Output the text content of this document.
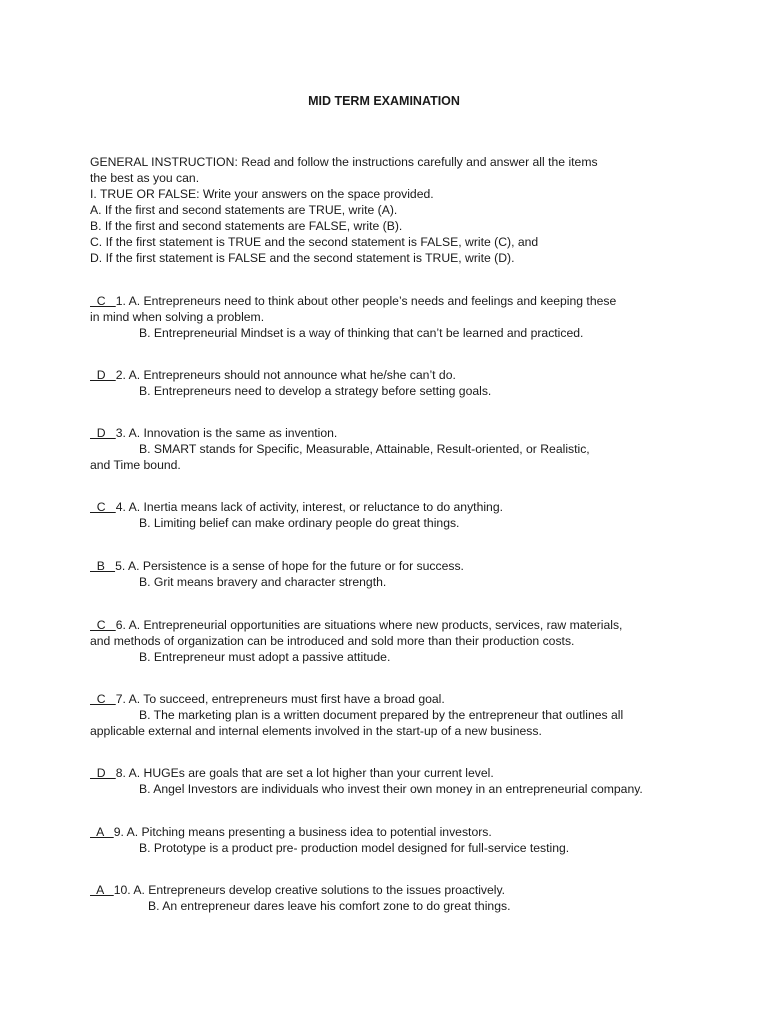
MID TERM EXAMINATION
GENERAL INSTRUCTION: Read and follow the instructions carefully and answer all the items
the best as you can.
I. TRUE OR FALSE: Write your answers on the space provided.
A. If the first and second statements are TRUE, write (A).
B. If the first and second statements are FALSE, write (B).
C. If the first statement is TRUE and the second statement is FALSE, write (C), and
D. If the first statement is FALSE and the second statement is TRUE, write (D).
C   1. A. Entrepreneurs need to think about other people’s needs and feelings and keeping these
in mind when solving a problem.
B. Entrepreneurial Mindset is a way of thinking that can’t be learned and practiced.
D   2. A. Entrepreneurs should not announce what he/she can’t do.
B. Entrepreneurs need to develop a strategy before setting goals.
D   3. A. Innovation is the same as invention.
B. SMART stands for Specific, Measurable, Attainable, Result-oriented, or Realistic,
and Time bound.
C   4. A. Inertia means lack of activity, interest, or reluctance to do anything.
B. Limiting belief can make ordinary people do great things.
B   5. A. Persistence is a sense of hope for the future or for success.
B. Grit means bravery and character strength.
C   6. A. Entrepreneurial opportunities are situations where new products, services, raw materials,
and methods of organization can be introduced and sold more than their production costs.
B. Entrepreneur must adopt a passive attitude.
C   7. A. To succeed, entrepreneurs must first have a broad goal.
B. The marketing plan is a written document prepared by the entrepreneur that outlines all
applicable external and internal elements involved in the start-up of a new business.
D   8. A. HUGEs are goals that are set a lot higher than your current level.
B. Angel Investors are individuals who invest their own money in an entrepreneurial company.
A   9. A. Pitching means presenting a business idea to potential investors.
B. Prototype is a product pre- production model designed for full-service testing.
A   10. A. Entrepreneurs develop creative solutions to the issues proactively.
B. An entrepreneur dares leave his comfort zone to do great things.
